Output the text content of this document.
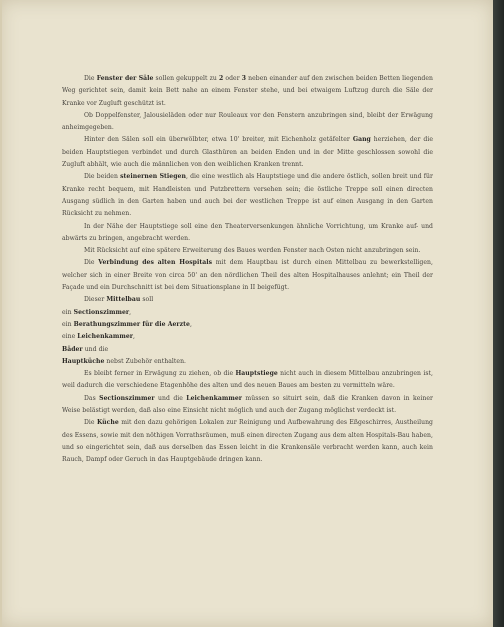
Die Fenster der Säle sollen gekuppelt zu 2 oder 3 neben einander auf den zwischen beiden Betten liegenden Weg gerichtet sein, damit kein Bett nahe an einem Fenster stehe, und bei etwaigem Luftzug durch die Säle der Kranke vor Zugluft geschützt ist.

Ob Doppelfenster, Jalousieläden oder nur Rouleaux vor den Fenstern anzubringen sind, bleibt der Erwägung anheimgegeben.

Hinter den Sälen soll ein überwölbter, etwa 10' breiter, mit Eichenholz getäfelter Gang herziehen, der die beiden Hauptstiegen verbindet und durch Glasthüren an beiden Enden und in der Mitte geschlossen sowohl die Zugluft abhält, wie auch die männlichen von den weiblichen Kranken trennt.

Die beiden steinernen Stiegen, die eine westlich als Hauptstiege und die andere östlich, sollen breit und für Kranke recht bequem, mit Handleisten und Putzbrettern versehen sein; die östliche Treppe soll einen directen Ausgang südlich in den Garten haben und auch bei der westlichen Treppe ist auf einen Ausgang in den Garten Rücksicht zu nehmen.

In der Nähe der Hauptstiege soll eine den Theaterversenkungen ähnliche Vorrichtung, um Kranke auf- und abwärts zu bringen, angebracht werden.

Mit Rücksicht auf eine spätere Erweiterung des Baues werden Fenster nach Osten nicht anzubringen sein.

Die Verbindung des alten Hospitals mit dem Hauptbau ist durch einen Mittelbau zu bewerkstelligen, welcher sich in einer Breite von circa 50' an den nördlichen Theil des alten Hospitalhauses anlehnt; ein Theil der Façade und ein Durchschnitt ist bei dem Situationsplane in II beigefügt.

Dieser Mittelbau soll

ein Sectionszimmer,

ein Berathungszimmer für die Aerzte,

eine Leichenkammer,

Bäder und die

Hauptküche nebst Zubehör enthalten.

Es bleibt ferner in Erwägung zu ziehen, ob die Hauptstiege nicht auch in diesem Mittelbau anzubringen ist, weil dadurch die verschiedene Etagenhöhe des alten und des neuen Baues am besten zu vermitteln wäre.

Das Sectionszimmer und die Leichenkammer müssen so situirt sein, daß die Kranken davon in keiner Weise belästigt werden, daß also eine Einsicht nicht möglich und auch der Zugang möglichst verdeckt ist.

Die Küche mit den dazu gehörigen Lokalen zur Reinigung und Aufbewahrung des Eßgeschirres, Austheilung des Essens, sowie mit den nöthigen Vorrathsräumen, muß einen directen Zugang aus dem alten Hospitals-Bau haben, und so eingerichtet sein, daß aus derselben das Essen leicht in die Krankensäle verbracht werden kann, auch kein Rauch, Dampf oder Geruch in das Hauptgebäude dringen kann.
